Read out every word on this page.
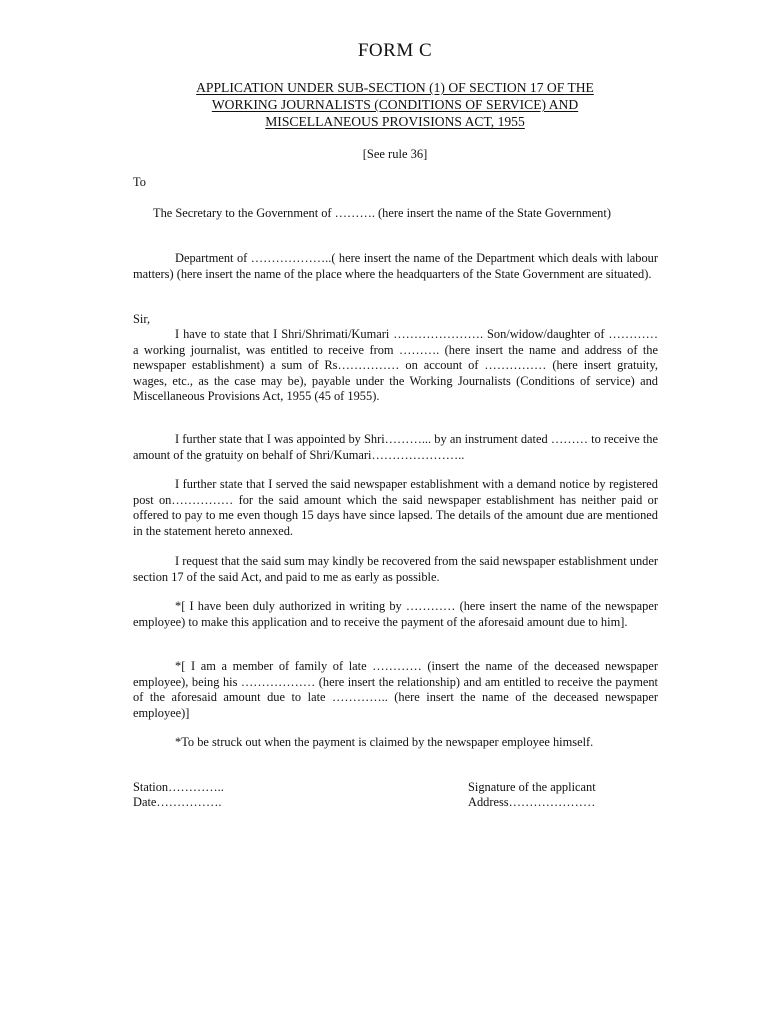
FORM C
APPLICATION UNDER SUB-SECTION (1) OF SECTION 17 OF THE
WORKING JOURNALISTS (CONDITIONS OF SERVICE) AND
MISCELLANEOUS PROVISIONS ACT, 1955
[See rule 36]
To
The Secretary to the Government of ………. (here insert the name of the State Government)
Department of ………………..( here insert the name of the Department which deals with labour matters) (here insert the name of the place where the headquarters of the State Government are situated).
Sir,
I have to state that I Shri/Shrimati/Kumari …………………. Son/widow/daughter of ………… a working journalist, was entitled to receive from ………. (here insert the name and address of the newspaper establishment) a sum of Rs…………… on account of …………… (here insert gratuity, wages, etc., as the case may be), payable under the Working Journalists (Conditions of service) and Miscellaneous Provisions Act, 1955 (45 of 1955).
I further state that I was appointed by Shri………... by an instrument dated ……… to receive the amount of the gratuity on behalf of Shri/Kumari…………………..
I further state that I served the said newspaper establishment with a demand notice by registered post on…………… for the said amount which the said newspaper establishment has neither paid or offered to pay to me even though 15 days have since lapsed. The details of the amount due are mentioned in the statement hereto annexed.
I request that the said sum may kindly be recovered from the said newspaper establishment under section 17 of the said Act, and paid to me as early as possible.
*[ I have been duly authorized in writing by ………… (here insert the name of the newspaper employee) to make this application and to receive the payment of the aforesaid amount due to him].
*[ I am a member of family of late ………… (insert the name of the deceased newspaper employee), being his ……………… (here insert the relationship) and am entitled to receive the payment of the aforesaid amount due to late ………….. (here insert the name of the deceased newspaper employee)]
*To be struck out when the payment is claimed by the newspaper employee himself.
Station…………..
Date…………….
Signature of the applicant
Address…………………
